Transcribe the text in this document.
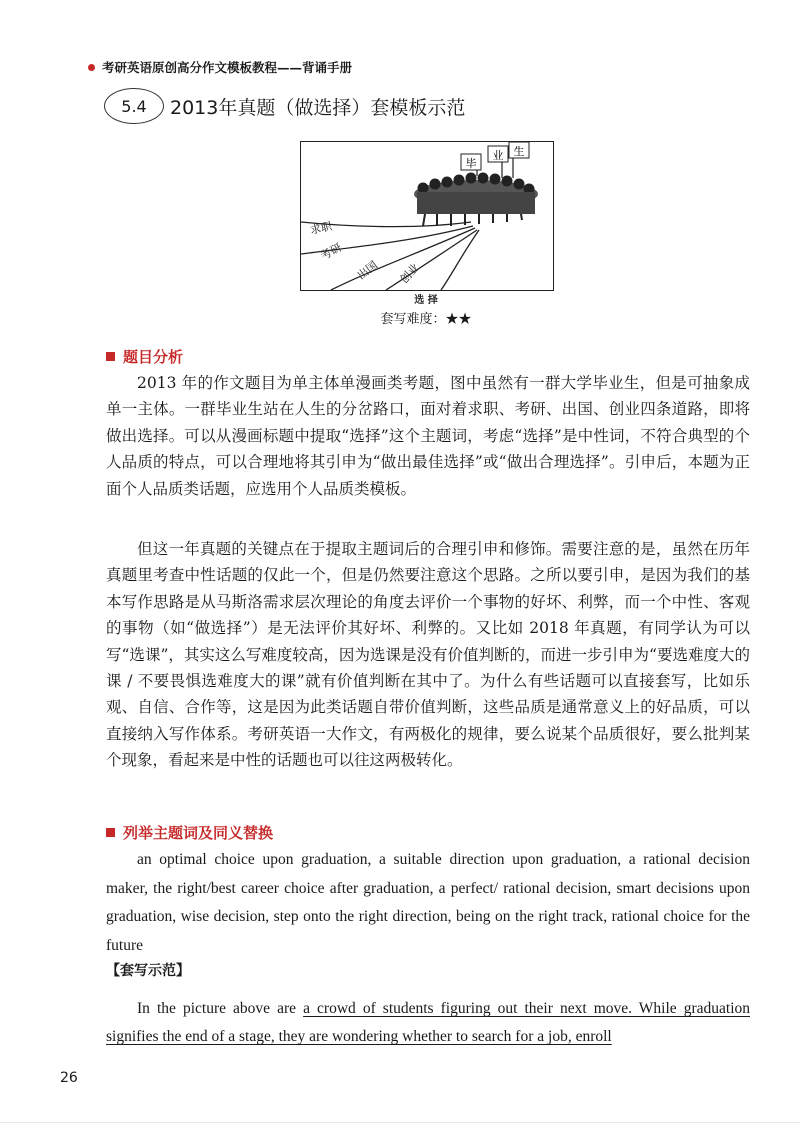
考研英语原创高分作文模板教程——背诵手册
5.4	2013年真题（做选择）套模板示范
毕
业 生
求职
考研
出国 创业
选 择
套写难度：★★
题目分析

2013 年的作文题目为单主体单漫画类考题，图中虽然有一群大学毕业生，但是可抽象成单一主体。一群毕业生站在人生的分岔路口，面对着求职、考研、出国、创业四条道路，即将做出选择。可以从漫画标题中提取“选择”这个主题词，考虑“选择”是中性词，不符合典型的个人品质的特点，可以合理地将其引申为“做出最佳选择”或“做出合理选择”。引申后，本题为正面个人品质类话题，应选用个人品质类模板。

但这一年真题的关键点在于提取主题词后的合理引申和修饰。需要注意的是，虽然在历年真题里考查中性话题的仅此一个，但是仍然要注意这个思路。之所以要引申，是因为我们的基本写作思路是从马斯洛需求层次理论的角度去评价一个事物的好坏、利弊，而一个中性、客观的事物（如“做选择”）是无法评价其好坏、利弊的。又比如 2018 年真题，有同学认为可以写“选课”，其实这么写难度较高，因为选课是没有价值判断的，而进一步引申为“要选难度大的课 / 不要畏惧选难度大的课”就有价值判断在其中了。为什么有些话题可以直接套写，比如乐观、自信、合作等，这是因为此类话题自带价值判断，这些品质是通常意义上的好品质，可以直接纳入写作体系。考研英语一大作文，有两极化的规律，要么说某个品质很好，要么批判某个现象，看起来是中性的话题也可以往这两极转化。

列举主题词及同义替换

an optimal choice upon graduation, a suitable direction upon graduation, a rational decision maker, the right/best career choice after graduation, a perfect/ rational decision, smart decisions upon graduation, wise decision, step onto the right direction, being on the right track, rational choice for the future

【套写示范】

In the picture above are a crowd of students figuring out their next move. While graduation signifies the end of a stage, they are wondering whether to search for a job, enroll

26
